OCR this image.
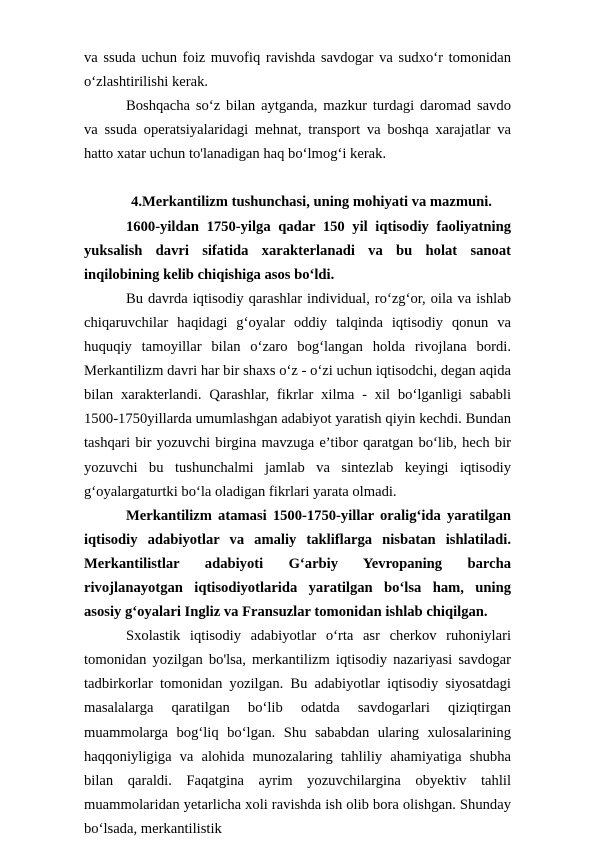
va ssuda uchun foiz muvofiq ravishda savdogar va sudxo‘r tomonidan o‘zlashtirilishi kerak.

Boshqacha so‘z bilan aytganda, mazkur turdagi daromad savdo va ssuda operatsiyalaridagi mehnat, transport va boshqa xarajatlar va hatto xatar uchun to'lanadigan haq bo‘lmog‘i kerak.

4.Merkantilizm tushunchasi, uning mohiyati va mazmuni.

1600-yildan 1750-yilga qadar 150 yil iqtisodiy faoliyatning yuksalish davri sifatida xarakterlanadi va bu holat sanoat inqilobining kelib chiqishiga asos bo‘ldi.

Bu davrda iqtisodiy qarashlar individual, ro‘zg‘or, oila va ishlab chiqaruvchilar haqidagi g‘oyalar oddiy talqinda iqtisodiy qonun va huquqiy tamoyillar bilan o‘zaro bog‘langan holda rivojlana bordi. Merkantilizm davri har bir shaxs o‘z - o‘zi uchun iqtisodchi, degan aqida bilan xarakterlandi. Qarashlar, fikrlar xilma - xil bo‘lganligi sababli 1500-1750yillarda umumlashgan adabiyot yaratish qiyin kechdi. Bundan tashqari bir yozuvchi birgina mavzuga e’tibor qaratgan bo‘lib, hech bir yozuvchi bu tushunchalmi jamlab va sintezlab keyingi iqtisodiy g‘oyalargaturtki bo‘la oladigan fikrlari yarata olmadi.

Merkantilizm atamasi 1500-1750-yillar oralig‘ida yaratilgan iqtisodiy adabiyotlar va amaliy takliflarga nisbatan ishlatiladi. Merkantilistlar adabiyoti G‘arbiy Yevropaning barcha rivojlanayotgan iqtisodiyotlarida yaratilgan bo‘lsa ham, uning asosiy g‘oyalari Ingliz va Fransuzlar tomonidan ishlab chiqilgan.

Sxolastik iqtisodiy adabiyotlar o‘rta asr cherkov ruhoniylari tomonidan yozilgan bo'lsa, merkantilizm iqtisodiy nazariyasi savdogar tadbirkorlar tomonidan yozilgan. Bu adabiyotlar iqtisodiy siyosatdagi masalalarga qaratilgan bo‘lib odatda savdogarlari qiziqtirgan muammolarga bog‘liq bo‘lgan. Shu sababdan ularing xulosalarining haqqoniyligiga va alohida munozalaring tahliliy ahamiyatiga shubha bilan qaraldi. Faqatgina ayrim yozuvchilargina obyektiv tahlil muammolaridan yetarlicha xoli ravishda ish olib bora olishgan. Shunday bo‘lsada, merkantilistik
